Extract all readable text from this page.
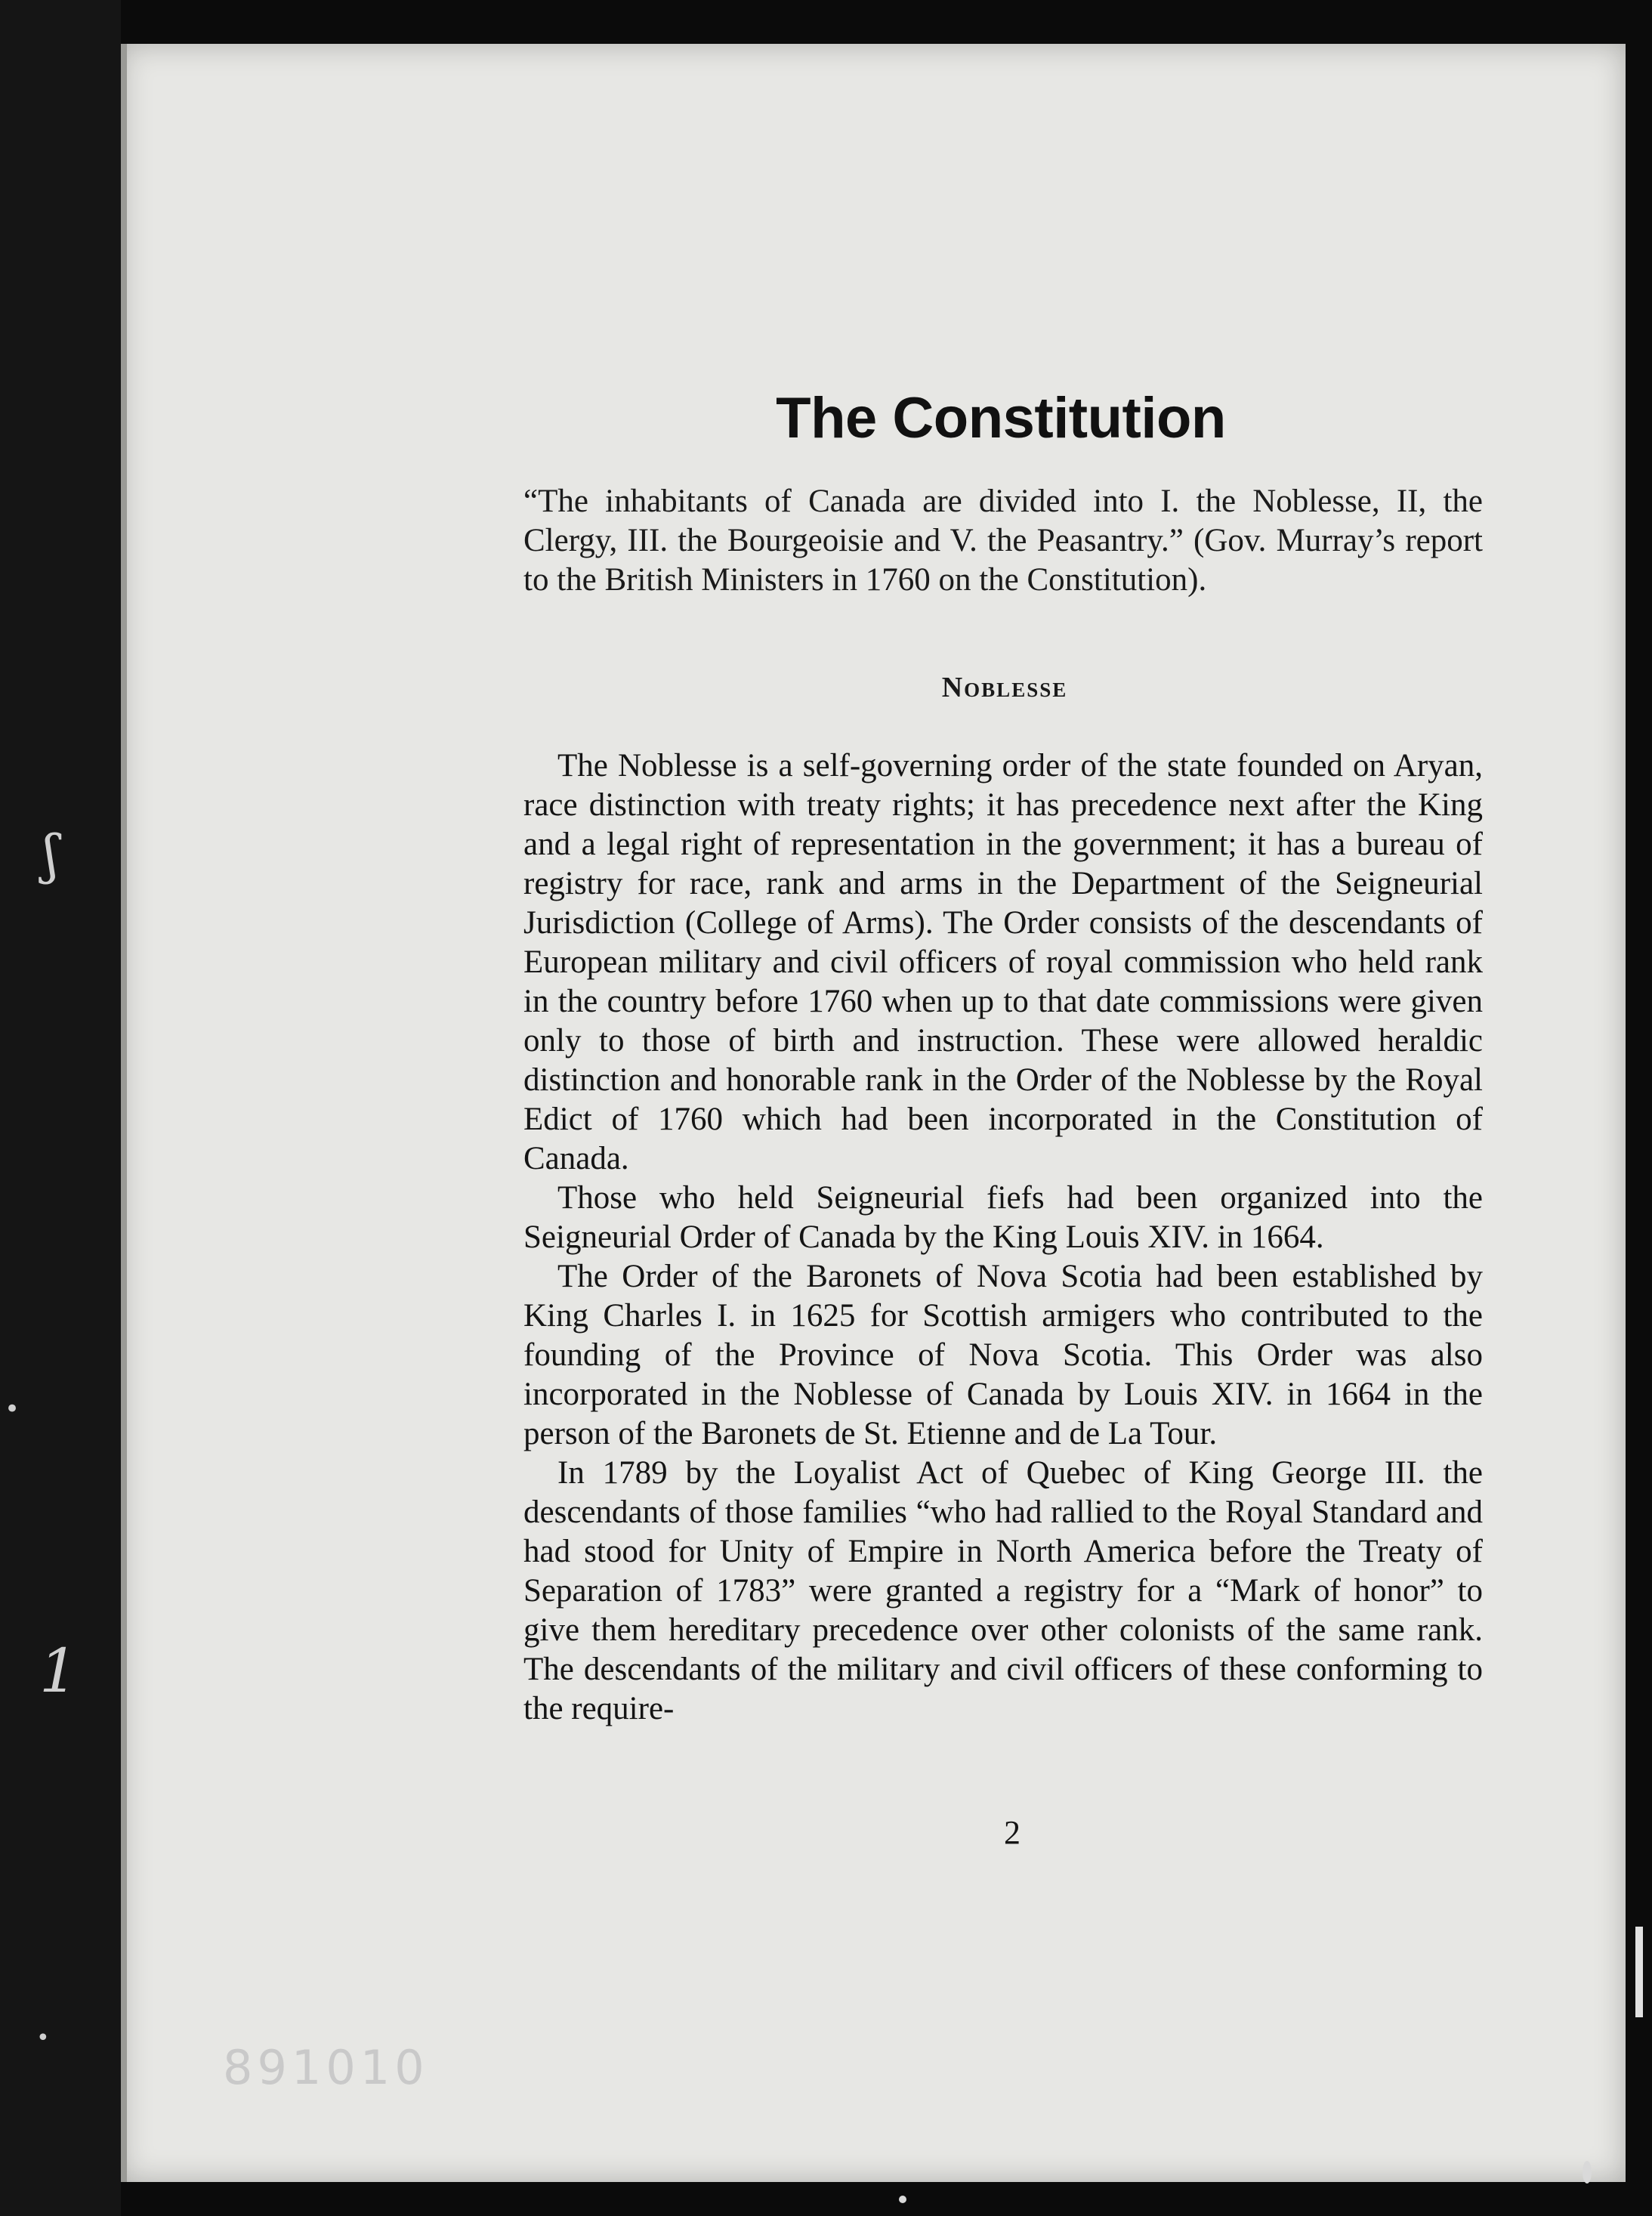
ʃ
•
1
•
The Constitution

“The inhabitants of Canada are divided into I. the Noblesse, II, the Clergy, III. the Bourgeoisie and V. the Peasantry.” (Gov. Murray’s report to the British Ministers in 1760 on the Constitution).

Noblesse

The Noblesse is a self-governing order of the state founded on Aryan, race distinction with treaty rights; it has precedence next after the King and a legal right of representation in the government; it has a bureau of registry for race, rank and arms in the Department of the Seigneurial Jurisdiction (College of Arms). The Order consists of the descendants of European military and civil officers of royal commission who held rank in the country before 1760 when up to that date commissions were given only to those of birth and instruction. These were allowed heraldic distinction and honorable rank in the Order of the Noblesse by the Royal Edict of 1760 which had been incorporated in the Constitution of Canada.

Those who held Seigneurial fiefs had been organized into the Seigneurial Order of Canada by the King Louis XIV. in 1664.

The Order of the Baronets of Nova Scotia had been established by King Charles I. in 1625 for Scottish armigers who contributed to the founding of the Province of Nova Scotia. This Order was also incorporated in the Noblesse of Canada by Louis XIV. in 1664 in the person of the Baronets de St. Etienne and de La Tour.

In 1789 by the Loyalist Act of Quebec of King George III. the descendants of those families “who had rallied to the Royal Standard and had stood for Unity of Empire in North America before the Treaty of Separation of 1783” were granted a registry for a “Mark of honor” to give them hereditary precedence over other colonists of the same rank. The descendants of the military and civil officers of these conforming to the require-

2

891010
